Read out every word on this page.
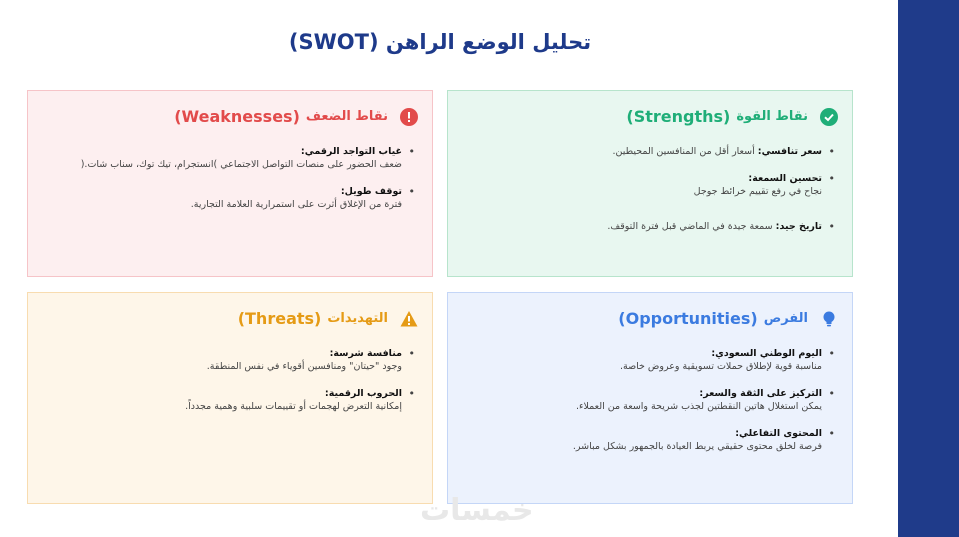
تحليل الوضع الراهن (SWOT)
نقاط الضعف
(Weaknesses)
• غياب التواجد الرقمي:
ضعف الحضور على منصات التواصل الاجتماعي )انستجرام، تيك توك، سناب شات.(
• توقف طويل:
فترة من الإغلاق أثرت على استمرارية العلامة التجارية.
نقاط القوة
(Strengths)
• سعر تنافسي: أسعار أقل من المنافسين المحيطين.
• تحسين السمعة:
نجاح في رفع تقييم خرائط جوجل
• تاريخ جيد: سمعة جيدة في الماضي قبل فترة التوقف.
التهديدات
(Threats)
• منافسة شرسة:
وجود "حيتان" ومنافسين أقوياء في نفس المنطقة.
• الحروب الرقمية:
إمكانية التعرض لهجمات أو تقييمات سلبية وهمية مجدداً.
الفرص
(Opportunities)
• اليوم الوطني السعودي:
مناسبة قوية لإطلاق حملات تسويقية وعروض خاصة.
• التركيز على الثقة والسعر:
يمكن استغلال هاتين النقطتين لجذب شريحة واسعة من العملاء.
• المحتوى التفاعلي:
فرصة لخلق محتوى حقيقي يربط العيادة بالجمهور بشكل مباشر.
خمسات
